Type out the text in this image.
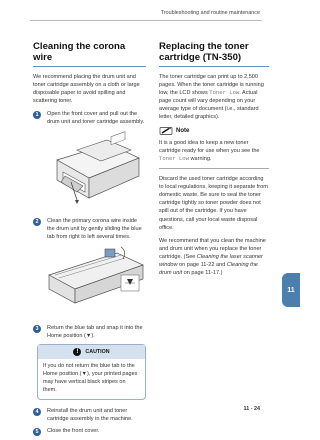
Troubleshooting and routine maintenance
11
Cleaning the corona wire

We recommend placing the drum unit and toner cartridge assembly on a cloth or large disposable paper to avoid spilling and scattering toner.

1	Open the front cover and pull out the drum unit and toner cartridge assembly.
2	Clean the primary corona wire inside the drum unit by gently sliding the blue tab from right to left several times.
3	Return the blue tab and snap it into the Home position (▼).
!	CAUTION
If you do not return the blue tab to the Home position (▼), your printed pages may have vertical black stripes on them.
4	Reinstall the drum unit and toner cartridge assembly in the machine.
5	Close the front cover.
Replacing the toner cartridge (TN-350)

The toner cartridge can print up to 2,500 pages. When the toner cartridge is running low, the LCD shows Toner Low. Actual page count will vary depending on your average type of document (i.e., standard letter, detailed graphics).

Note
It is a good idea to keep a new toner cartridge ready for use when you see the Toner Low warning.

Discard the used toner cartridge according to local regulations, keeping it separate from domestic waste. Be sure to seal the toner cartridge tightly so toner powder does not spill out of the cartridge. If you have questions, call your local waste disposal office.

We recommend that you clean the machine and drum unit when you replace the toner cartridge. (See Cleaning the laser scanner window on page 11-22 and Cleaning the drum unit on page 11-17.)

11 - 24
